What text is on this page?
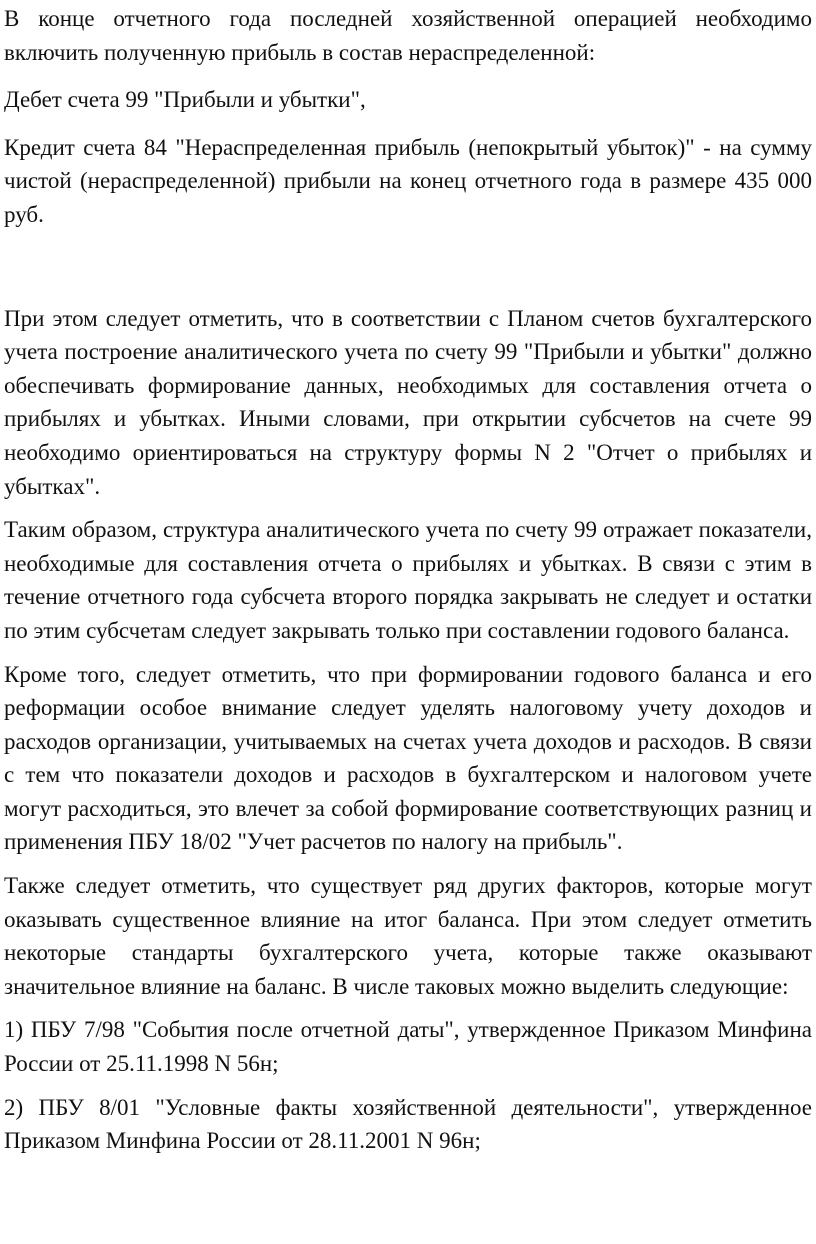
В конце отчетного года последней хозяйственной операцией необходимо включить полученную прибыль в состав нераспределенной:

Дебет счета 99 "Прибыли и убытки",

Кредит счета 84 "Нераспределенная прибыль (непокрытый убыток)" - на сумму чистой (нераспределенной) прибыли на конец отчетного года в размере 435 000 руб.

При этом следует отметить, что в соответствии с Планом счетов бухгалтерского учета построение аналитического учета по счету 99 "Прибыли и убытки" должно обеспечивать формирование данных, необходимых для составления отчета о прибылях и убытках. Иными словами, при открытии субсчетов на счете 99 необходимо ориентироваться на структуру формы N 2 "Отчет о прибылях и убытках".

Таким образом, структура аналитического учета по счету 99 отражает показатели, необходимые для составления отчета о прибылях и убытках. В связи с этим в течение отчетного года субсчета второго порядка закрывать не следует и остатки по этим субсчетам следует закрывать только при составлении годового баланса.

Кроме того, следует отметить, что при формировании годового баланса и его реформации особое внимание следует уделять налоговому учету доходов и расходов организации, учитываемых на счетах учета доходов и расходов. В связи с тем что показатели доходов и расходов в бухгалтерском и налоговом учете могут расходиться, это влечет за собой формирование соответствующих разниц и применения ПБУ 18/02 "Учет расчетов по налогу на прибыль".

Также следует отметить, что существует ряд других факторов, которые могут оказывать существенное влияние на итог баланса. При этом следует отметить некоторые стандарты бухгалтерского учета, которые также оказывают значительное влияние на баланс. В числе таковых можно выделить следующие:

1) ПБУ 7/98 "События после отчетной даты", утвержденное Приказом Минфина России от 25.11.1998 N 56н;

2) ПБУ 8/01 "Условные факты хозяйственной деятельности", утвержденное Приказом Минфина России от 28.11.2001 N 96н;
